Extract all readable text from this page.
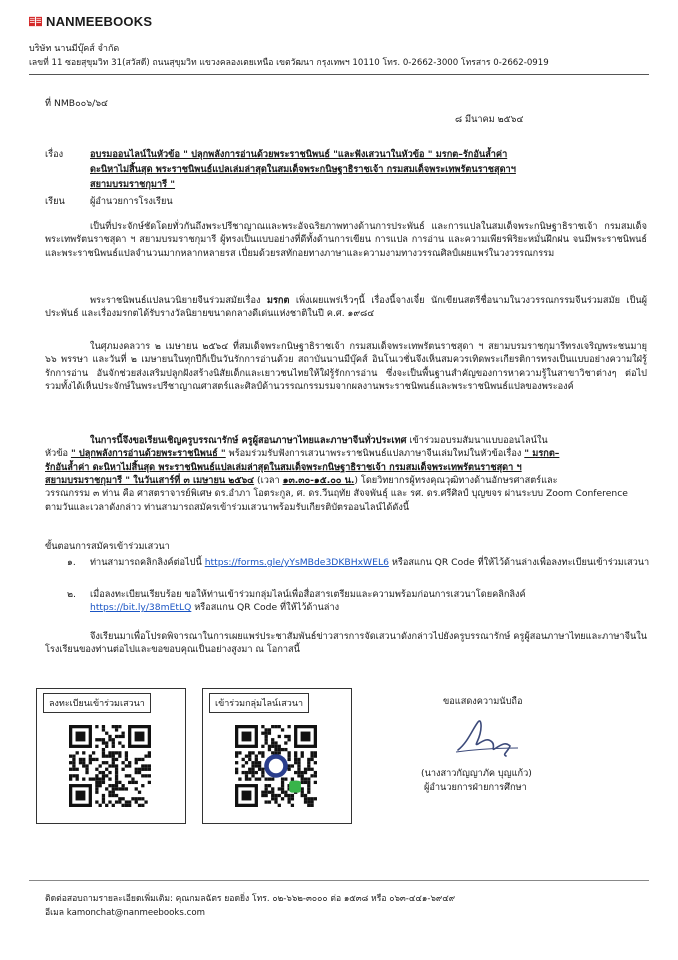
NANMEEBOOKS
บริษัท นานมีบุ๊คส์ จำกัด
เลขที่ 11 ซอยสุขุมวิท 31(สวัสดี) ถนนสุขุมวิท แขวงคลองเตยเหนือ เขตวัฒนา กรุงเทพฯ 10110 โทร. 0-2662-3000 โทรสาร 0-2662-0919
ที่ NMB๐๐๖/๖๔
๘ มีนาคม ๒๕๖๔
เรื่อง	อบรมออนไลน์ในหัวข้อ " ปลุกพลังการอ่านด้วยพระราชนิพนธ์ "และฟังเสวนาในหัวข้อ " มรกต–รักอันล้ำค่า
ดะนิหาไม่สิ้นสุด พระราชนิพนธ์แปลเล่มล่าสุดในสมเด็จพระกนิษฐาธิราชเจ้า กรมสมเด็จพระเทพรัตนราชสุดาฯ
สยามบรมราชกุมารี "
เรียน	ผู้อำนวยการโรงเรียน
เป็นที่ประจักษ์ชัดโดยทั่วกันถึงพระปรีชาญาณและพระอัจฉริยภาพทางด้านการประพันธ์ และการแปลในสมเด็จพระกนิษฐาธิราชเจ้า กรมสมเด็จพระเทพรัตนราชสุดา ฯ สยามบรมราชกุมารี ผู้ทรงเป็นแบบอย่างที่ดีทั้งด้านการเขียน การแปล การอ่าน และความเพียรพิริยะหมั่นฝึกฝน จนมีพระราชนิพนธ์และพระราชนิพนธ์แปลจำนวนมากหลากหลายรส เปี่ยมด้วยรสทักอยทางภาษาและความงามทางวรรณศิลป์เผยแพร่ในวงวรรณกรรม
พระราชนิพนธ์แปลนวนิยายจีนร่วมสมัยเรื่อง มรกต เพิ่งเผยแพร่เร็วๆนี้ เรื่องนี้จางเจี๋ย นักเขียนสตรีชื่อนามในวงวรรณกรรมจีนร่วมสมัย เป็นผู้ประพันธ์ และเรื่องมรกตได้รับรางวัลนิยายขนาดกลางดีเด่นแห่งชาติในปี ค.ศ. ๑๙๘๔
ในศุภมงคลวาร ๒ เมษายน ๒๕๖๔ ที่สมเด็จพระกนิษฐาธิราชเจ้า กรมสมเด็จพระเทพรัตนราชสุดา ฯ สยามบรมราชกุมารีทรงเจริญพระชนมายุ ๖๖ พรรษา และวันที่ ๒ เมษายนในทุกปีก็เป็นวันรักการอ่านด้วย สถาบันนานมีบุ๊คส์ อินโนเวชั่นจึงเห็นสมควรเทิดพระเกียรติการทรงเป็นแบบอย่างความใฝ่รู้รักการอ่าน อันจักช่วยส่งเสริมปลูกฝังสร้างนิสัยเด็กและเยาวชนไทยให้ใฝ่รู้รักการอ่าน ซึ่งจะเป็นพื้นฐานสำคัญของการหาความรู้ในสาขาวิชาต่างๆ ต่อไป รวมทั้งได้เห็นประจักษ์ในพระปรีชาญาณศาสตร์และศิลป์ด้านวรรณกรรมรมจากผลงานพระราชนิพนธ์และพระราชนิพนธ์แปลของพระองค์
ในการนี้จึงขอเรียนเชิญครูบรรณารักษ์ ครูผู้สอนภาษาไทยและภาษาจีนทั่วประเทศ เข้าร่วมอบรมสัมนาแบบออนไลน์ใน
หัวข้อ " ปลุกพลังการอ่านด้วยพระราชนิพนธ์ " พร้อมร่วมรับฟังการเสวนาพระราชนิพนธ์แปลภาษาจีนเล่มใหม่ในหัวข้อเรื่อง " มรกต–
รักอันล้ำค่า ดะนิหาไม่สิ้นสุด พระราชนิพนธ์แปลเล่มล่าสุดในสมเด็จพระกนิษฐาธิราชเจ้า กรมสมเด็จพระเทพรัตนราชสุดา ฯ
สยามบรมราชกุมารี " ในวันเสาร์ที่ ๓ เมษายน ๒๕๖๔ (เวลา ๑๓.๓๐-๑๕.๐๐ น.) โดยวิทยากรผู้ทรงคุณวุฒิทางด้านอักษรศาสตร์และ
วรรณกรรม ๓ ท่าน คือ ศาสตราจารย์พิเศษ ดร.อำภา โอตระกูล, ศ. ดร.วีนฤทัย สัจจพันธุ์ และ รศ. ดร.ศรีศิลป์ บุญขจร ผ่านระบบ Zoom Conference ตามวันและเวลาดังกล่าว ท่านสามารถสมัครเข้าร่วมเสวนาพร้อมรับเกียรติบัตรออนไลน์ได้ดังนี้
ขั้นตอนการสมัครเข้าร่วมเสวนา
๑. ท่านสามารถคลิกลิงค์ต่อไปนี้ https://forms.gle/yYsMBde3DKBHxWEL6 หรือสแกน QR Code ที่ให้ไว้ด้านล่างเพื่อลงทะเบียนเข้าร่วมเสวนา
๒. เมื่อลงทะเบียนเรียบร้อย ขอให้ท่านเข้าร่วมกลุ่มไลน์เพื่อสื่อสารเตรียมและความพร้อมก่อนการเสวนาโดยคลิกลิงค์
https://bit.ly/38mEtLQ หรือสแกน QR Code ที่ให้ไว้ด้านล่าง
จึงเรียนมาเพื่อโปรดพิจารณาในการเผยแพร่ประชาสัมพันธ์ข่าวสารการจัดเสวนาดังกล่าวไปยังครูบรรณารักษ์ ครูผู้สอนภาษาไทยและภาษาจีนในโรงเรียนของท่านต่อไปและขอขอบคุณเป็นอย่างสูงมา ณ โอกาสนี้
ลงทะเบียนเข้าร่วมเสวนา	เข้าร่วมกลุ่มไลน์เสวนา	ขอแสดงความนับถือ
(นางสาวกัญญาภัค บุญแก้ว)
ผู้อำนวยการฝ่ายการศึกษา
ติดต่อสอบถามรายละเอียดเพิ่มเติม: คุณกมลฉัตร ยอดยิ่ง โทร. ๐๒-๖๖๒-๓๐๐๐ ต่อ ๑๕๓๘ หรือ ๐๖๓-๔๔๑-๖๙๔๙
อีเมล kamonchat@nanmeebooks.com
